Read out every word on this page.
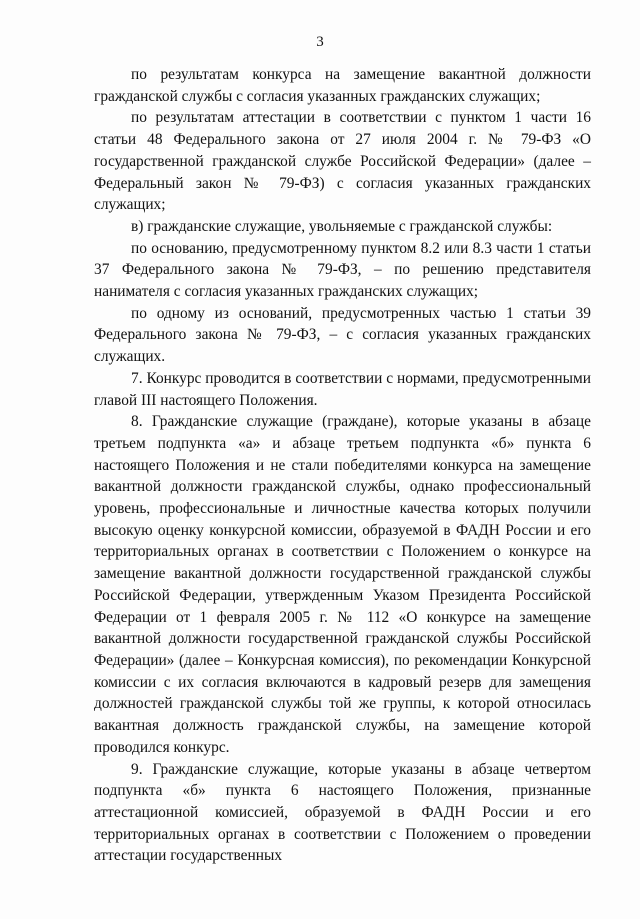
3

по результатам конкурса на замещение вакантной должности гражданской службы с согласия указанных гражданских служащих;

по результатам аттестации в соответствии с пунктом 1 части 16 статьи 48 Федерального закона от 27 июля 2004 г. № 79-ФЗ «О государственной гражданской службе Российской Федерации» (далее – Федеральный закон № 79-ФЗ) с согласия указанных гражданских служащих;

в) гражданские служащие, увольняемые с гражданской службы:

по основанию, предусмотренному пунктом 8.2 или 8.3 части 1 статьи 37 Федерального закона № 79-ФЗ, – по решению представителя нанимателя с согласия указанных гражданских служащих;

по одному из оснований, предусмотренных частью 1 статьи 39 Федерального закона № 79-ФЗ, – с согласия указанных гражданских служащих.

7. Конкурс проводится в соответствии с нормами, предусмотренными главой III настоящего Положения.

8. Гражданские служащие (граждане), которые указаны в абзаце третьем подпункта «а» и абзаце третьем подпункта «б» пункта 6 настоящего Положения и не стали победителями конкурса на замещение вакантной должности гражданской службы, однако профессиональный уровень, профессиональные и личностные качества которых получили высокую оценку конкурсной комиссии, образуемой в ФАДН России и его территориальных органах в соответствии с Положением о конкурсе на замещение вакантной должности государственной гражданской службы Российской Федерации, утвержденным Указом Президента Российской Федерации от 1 февраля 2005 г. № 112 «О конкурсе на замещение вакантной должности государственной гражданской службы Российской Федерации» (далее – Конкурсная комиссия), по рекомендации Конкурсной комиссии с их согласия включаются в кадровый резерв для замещения должностей гражданской службы той же группы, к которой относилась вакантная должность гражданской службы, на замещение которой проводился конкурс.

9. Гражданские служащие, которые указаны в абзаце четвертом подпункта «б» пункта 6 настоящего Положения, признанные аттестационной комиссией, образуемой в ФАДН России и его территориальных органах в соответствии с Положением о проведении аттестации государственных
